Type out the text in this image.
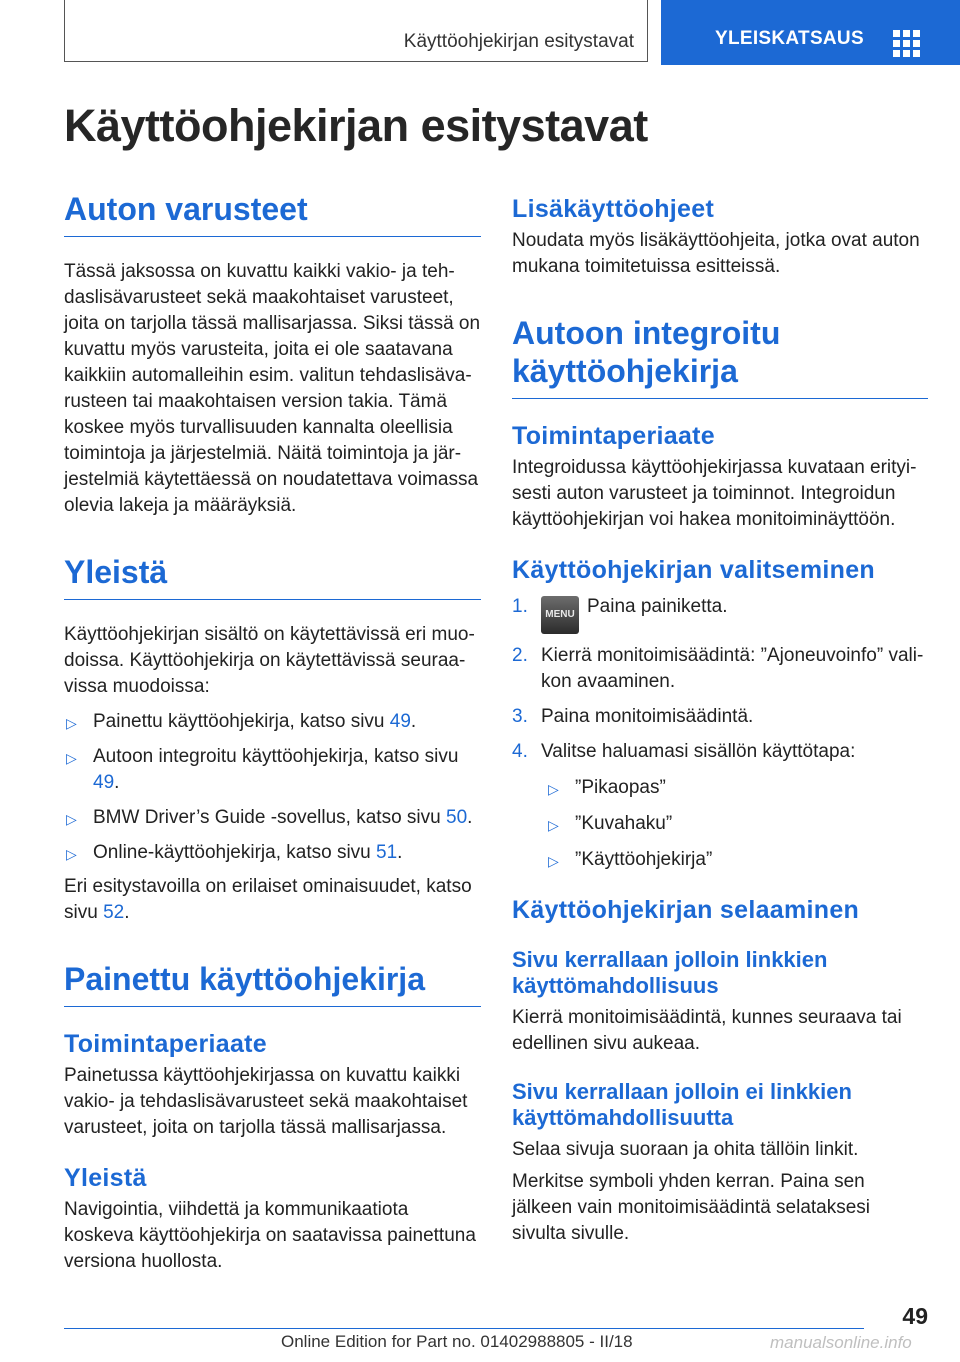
Käyttöohjekirjan esitystavat	YLEISKATSAUS
Käyttöohjekirjan esitystavat
Auton varusteet

Tässä jaksossa on kuvattu kaikki vakio- ja tehdaslisävarusteet sekä maakohtaiset varusteet, joita on tarjolla tässä mallisarjassa. Siksi tässä on kuvattu myös varusteita, joita ei ole saatavana kaikkiin automalleihin esim. valitun tehdaslisävarusteen tai maakohtaisen version takia. Tämä koskee myös turvallisuuden kannalta oleellisia toimintoja ja järjestelmiä. Näitä toimintoja ja järjestelmiä käytettäessä on noudatettava voimassa olevia lakeja ja määräyksiä.

Yleistä

Käyttöohjekirjan sisältö on käytettävissä eri muodoissa. Käyttöohjekirja on käytettävissä seuraavissa muodoissa:

▷ Painettu käyttöohjekirja, katso sivu 49.
▷ Autoon integroitu käyttöohjekirja, katso sivu 49.
▷ BMW Driver’s Guide -sovellus, katso sivu 50.
▷ Online-käyttöohjekirja, katso sivu 51.

Eri esitystavoilla on erilaiset ominaisuudet, katso sivu 52.

Painettu käyttöohjekirja
Toimintaperiaate

Painetussa käyttöohjekirjassa on kuvattu kaikki vakio- ja tehdaslisävarusteet sekä maakohtaiset varusteet, joita on tarjolla tässä mallisarjassa.

Yleistä

Navigointia, viihdettä ja kommunikaatiota koskeva käyttöohjekirja on saatavissa painettuna versiona huollosta.

Lisäkäyttöohjeet

Noudata myös lisäkäyttöohjeita, jotka ovat auton mukana toimitetuissa esitteissä.

Autoon integroitu käyttöohjekirja
Toimintaperiaate

Integroidussa käyttöohjekirjassa kuvataan erityisesti auton varusteet ja toiminnot. Integroidun käyttöohjekirjan voi hakea monitoiminäyttöön.

Käyttöohjekirjan valitseminen
1. MENU Paina painiketta.
2. Kierrä monitoimisäädintä: ”Ajoneuvoinfo” valikon avaaminen.
3. Paina monitoimisäädintä.
4. Valitse haluamasi sisällön käyttötapa:
▷ ”Pikaopas”
▷ ”Kuvahaku”
▷ ”Käyttöohjekirja”
Käyttöohjekirjan selaaminen
Sivu kerrallaan jolloin linkkien käyttömahdollisuus

Kierrä monitoimisäädintä, kunnes seuraava tai edellinen sivu aukeaa.

Sivu kerrallaan jolloin ei linkkien käyttömahdollisuutta

Selaa sivuja suoraan ja ohita tällöin linkit.

Merkitse symboli yhden kerran. Paina sen jälkeen vain monitoimisäädintä selataksesi sivulta sivulle.

49
Online Edition for Part no. 01402988805 - II/18	manualsonline.info
